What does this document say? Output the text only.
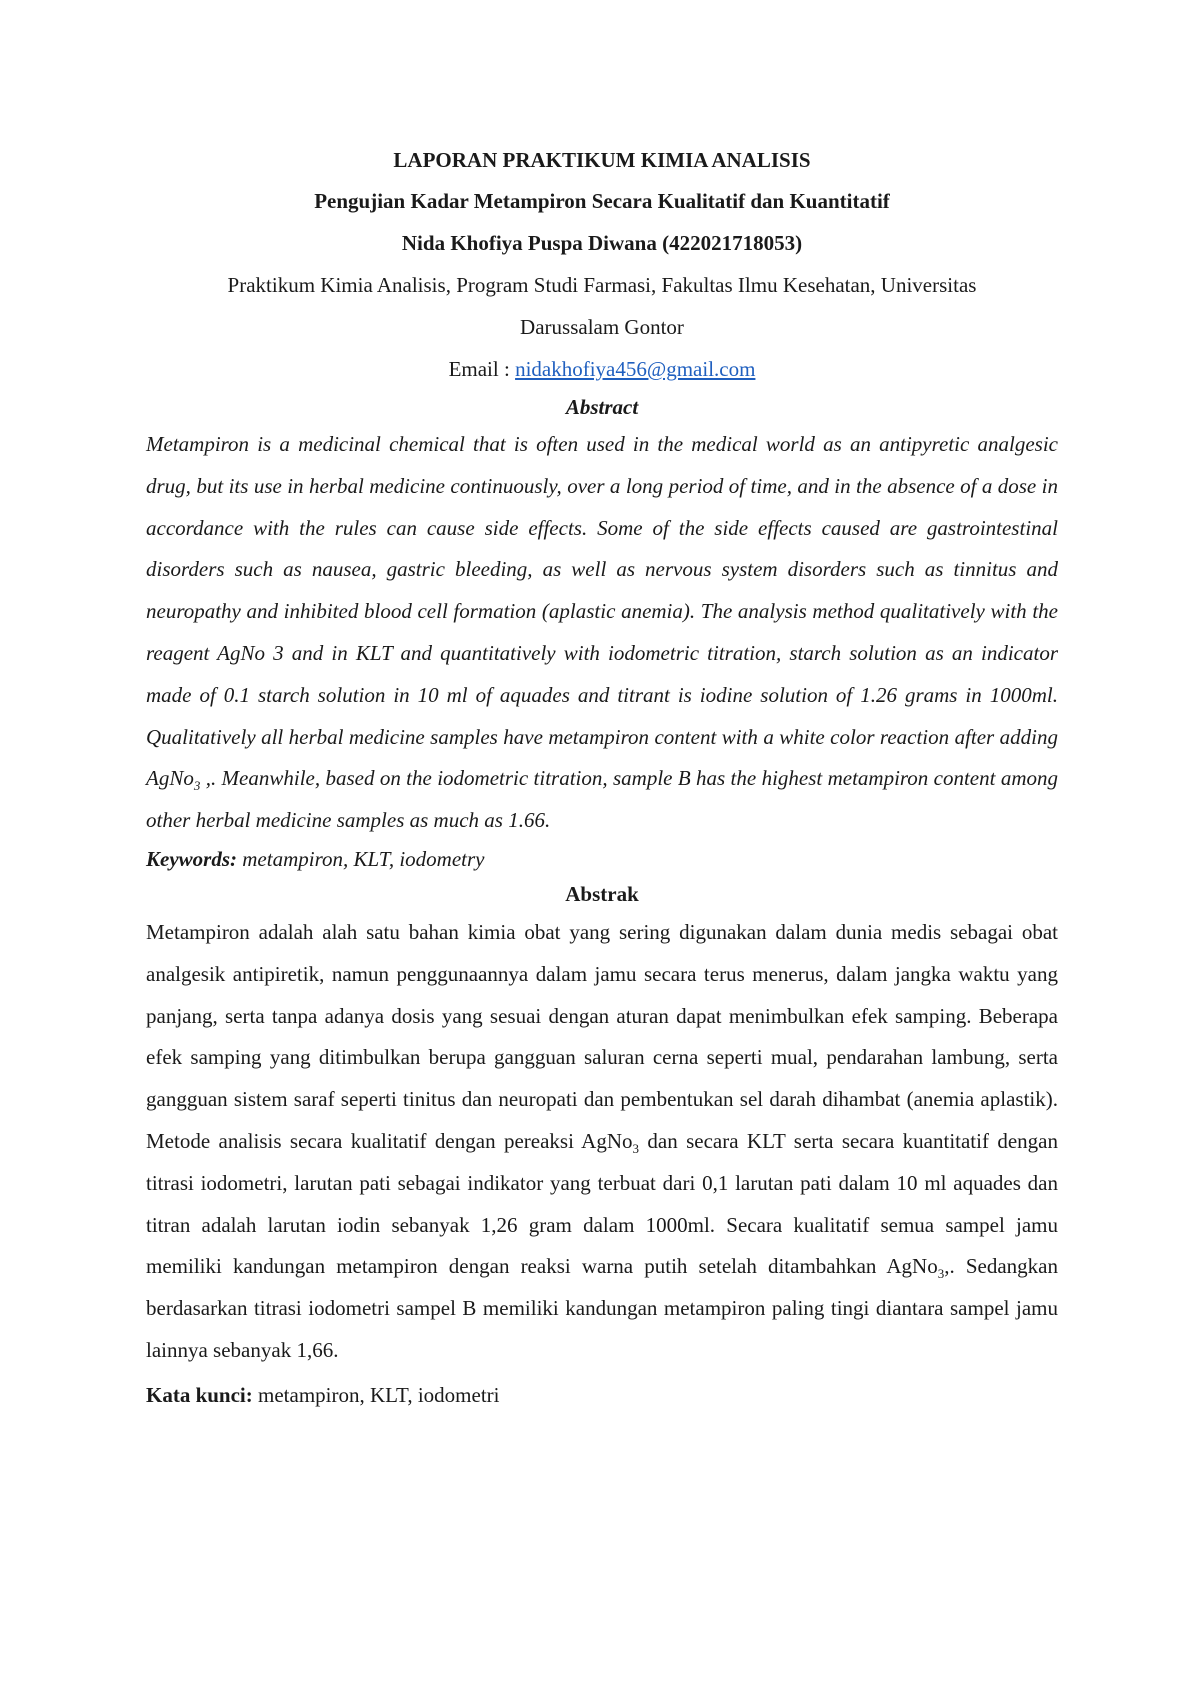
LAPORAN PRAKTIKUM KIMIA ANALISIS
Pengujian Kadar Metampiron Secara Kualitatif dan Kuantitatif
Nida Khofiya Puspa Diwana (422021718053)
Praktikum Kimia Analisis, Program Studi Farmasi, Fakultas Ilmu Kesehatan, Universitas
Darussalam Gontor
Email : nidakhofiya456@gmail.com
Abstract
Metampiron is a medicinal chemical that is often used in the medical world as an antipyretic analgesic drug, but its use in herbal medicine continuously, over a long period of time, and in the absence of a dose in accordance with the rules can cause side effects. Some of the side effects caused are gastrointestinal disorders such as nausea, gastric bleeding, as well as nervous system disorders such as tinnitus and neuropathy and inhibited blood cell formation (aplastic anemia). The analysis method qualitatively with the reagent AgNo 3 and in KLT and quantitatively with iodometric titration, starch solution as an indicator made of 0.1 starch solution in 10 ml of aquades and titrant is iodine solution of 1.26 grams in 1000ml. Qualitatively all herbal medicine samples have metampiron content with a white color reaction after adding AgNo$_3$ ,. Meanwhile, based on the iodometric titration, sample B has the highest metampiron content among other herbal medicine samples as much as 1.66.
Keywords: metampiron, KLT, iodometry
Abstrak
Metampiron adalah alah satu bahan kimia obat yang sering digunakan dalam dunia medis sebagai obat analgesik antipiretik, namun penggunaannya dalam jamu secara terus menerus, dalam jangka waktu yang panjang, serta tanpa adanya dosis yang sesuai dengan aturan dapat menimbulkan efek samping. Beberapa efek samping yang ditimbulkan berupa gangguan saluran cerna seperti mual, pendarahan lambung, serta gangguan sistem saraf seperti tinitus dan neuropati dan pembentukan sel darah dihambat (anemia aplastik). Metode analisis secara kualitatif dengan pereaksi AgNo$_3$ dan secara KLT serta secara kuantitatif dengan titrasi iodometri, larutan pati sebagai indikator yang terbuat dari 0,1 larutan pati dalam 10 ml aquades dan titran adalah larutan iodin sebanyak 1,26 gram dalam 1000ml. Secara kualitatif semua sampel jamu memiliki kandungan metampiron dengan reaksi warna putih setelah ditambahkan AgNo$_3$,. Sedangkan berdasarkan titrasi iodometri sampel B memiliki kandungan metampiron paling tingi diantara sampel jamu lainnya sebanyak 1,66.
Kata kunci: metampiron, KLT, iodometri
